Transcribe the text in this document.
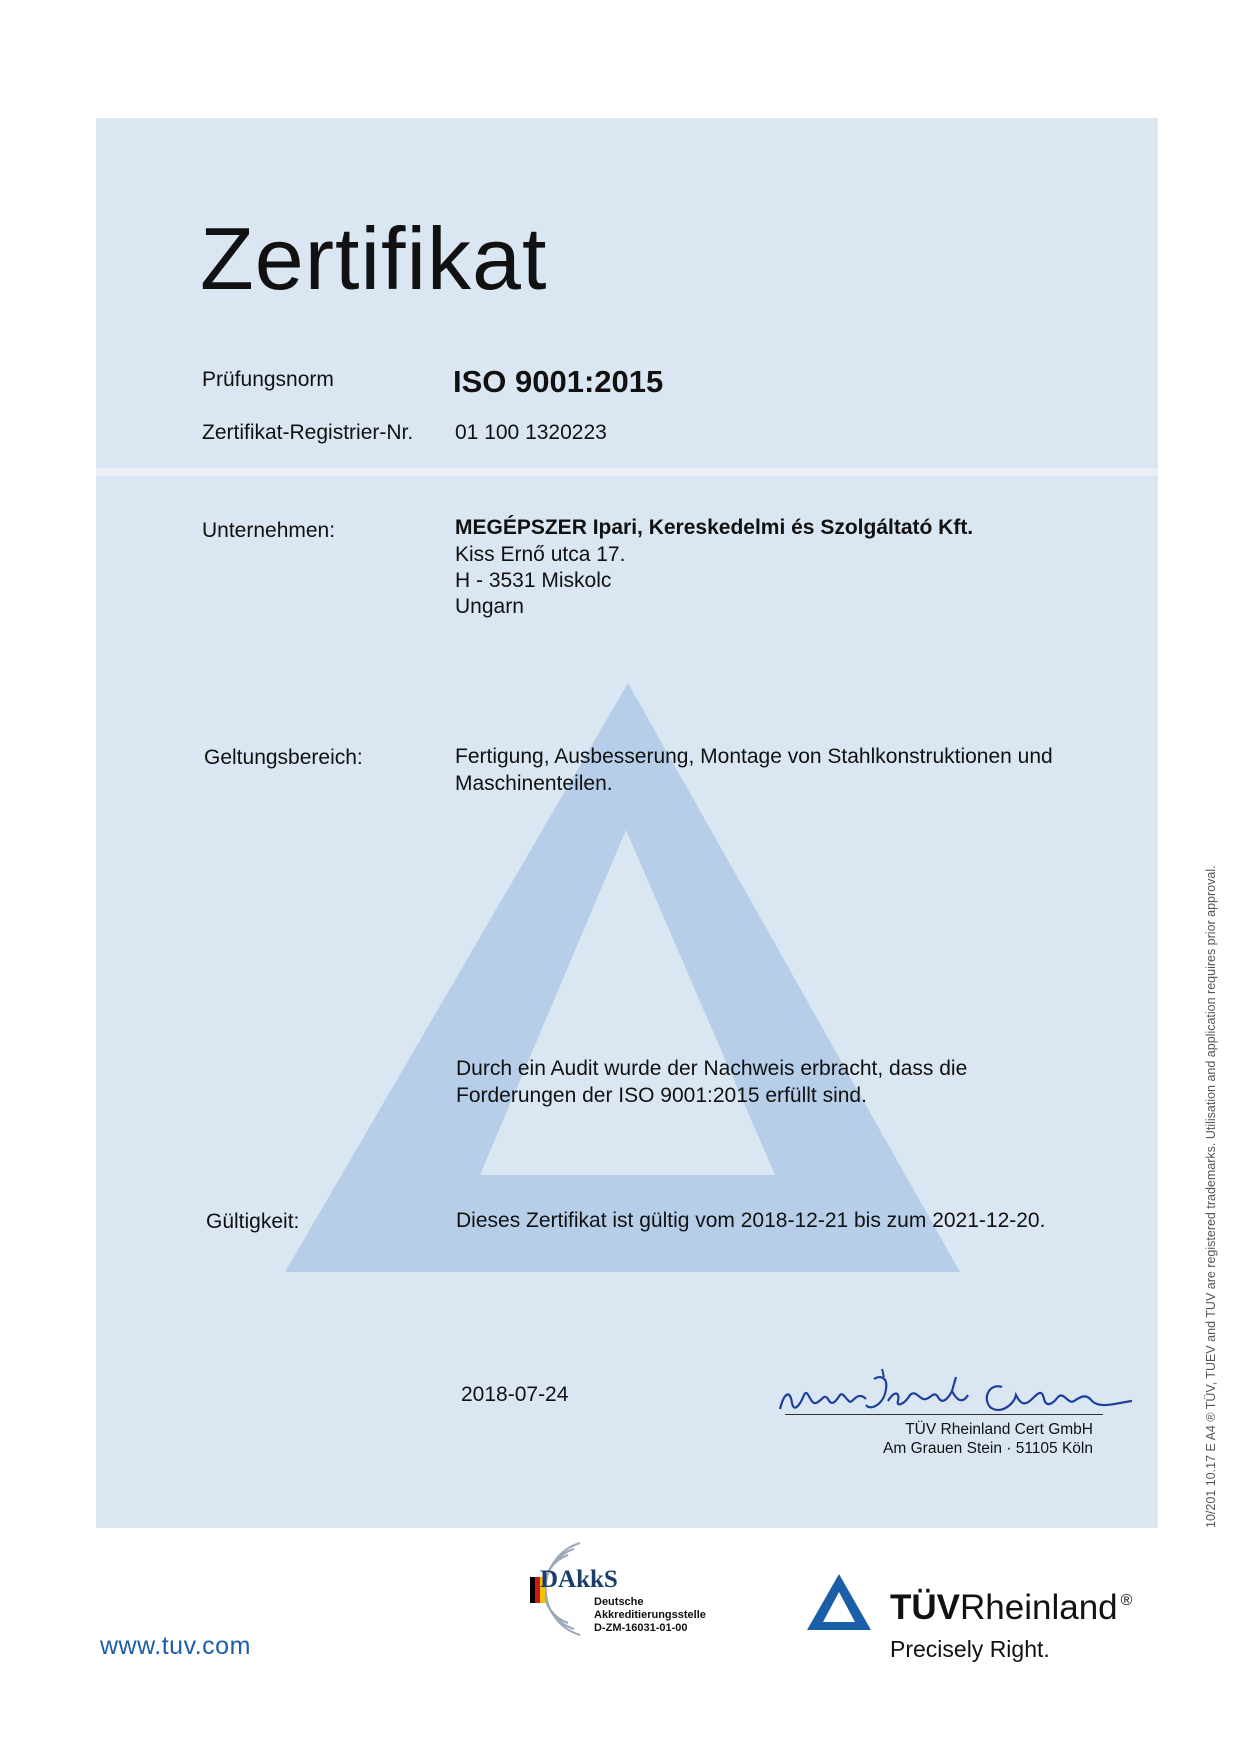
Zertifikat
Prüfungsnorm	ISO 9001:2015
Zertifikat-Registrier-Nr. 01 100 1320223
Unternehmen:	MEGÉPSZER Ipari, Kereskedelmi és Szolgáltató Kft.
Kiss Ernő utca 17.
H - 3531 Miskolc
Ungarn
Geltungsbereich:	Fertigung, Ausbesserung, Montage von Stahlkonstruktionen und Maschinenteilen.
Durch ein Audit wurde der Nachweis erbracht, dass die Forderungen der ISO 9001:2015 erfüllt sind.
Gültigkeit:	Dieses Zertifikat ist gültig vom 2018-12-21 bis zum 2021-12-20.
2018-07-24
TÜV Rheinland Cert GmbH
Am Grauen Stein · 51105 Köln	10/201 10.17 E A4 ® TÜV, TUEV and TUV are registered trademarks. Utilisation and application requires prior approval.
DAkkS
Deutsche
Akkreditierungsstelle
D-ZM-16031-01-00
www.tuv.com
TÜVRheinland ®
Precisely Right.
